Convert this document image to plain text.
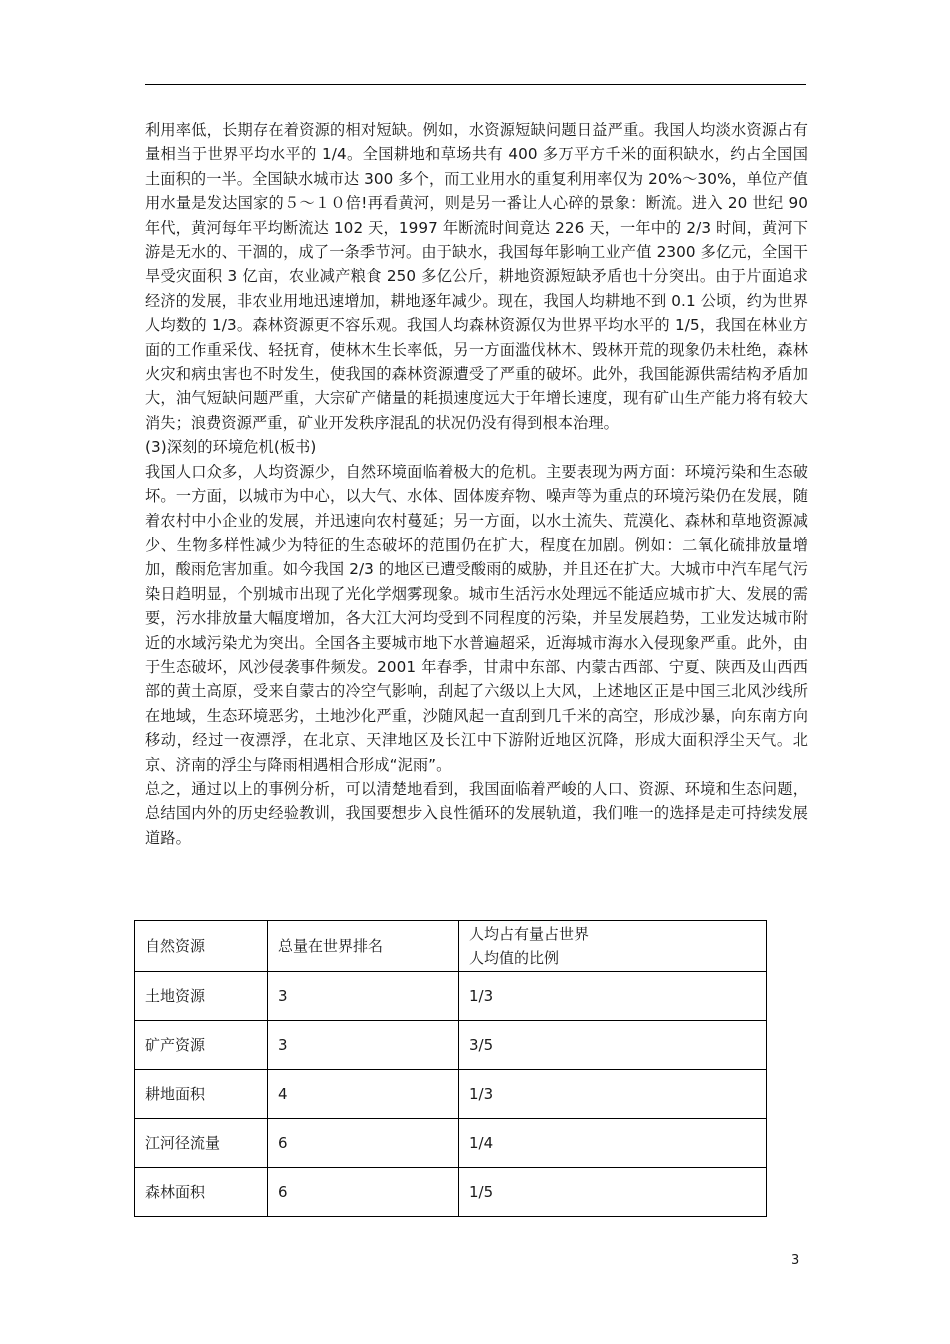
利用率低，长期存在着资源的相对短缺。例如，水资源短缺问题日益严重。我国人均淡水资源占有量相当于世界平均水平的 1/4。全国耕地和草场共有 400 多万平方千米的面积缺水，约占全国国土面积的一半。全国缺水城市达 300 多个，而工业用水的重复利用率仅为 20%～30%，单位产值用水量是发达国家的５～１０倍!再看黄河，则是另一番让人心碎的景象：断流。进入 20 世纪 90 年代，黄河每年平均断流达 102 天，1997 年断流时间竟达 226 天，一年中的 2/3 时间，黄河下游是无水的、干涸的，成了一条季节河。由于缺水，我国每年影响工业产值 2300 多亿元，全国干旱受灾面积 3 亿亩，农业减产粮食 250 多亿公斤，耕地资源短缺矛盾也十分突出。由于片面追求经济的发展，非农业用地迅速增加，耕地逐年减少。现在，我国人均耕地不到 0.1 公顷，约为世界人均数的 1/3。森林资源更不容乐观。我国人均森林资源仅为世界平均水平的 1/5，我国在林业方面的工作重采伐、轻抚育，使林木生长率低，另一方面滥伐林木、毁林开荒的现象仍未杜绝，森林火灾和病虫害也不时发生，使我国的森林资源遭受了严重的破坏。此外，我国能源供需结构矛盾加大，油气短缺问题严重，大宗矿产储量的耗损速度远大于年增长速度，现有矿山生产能力将有较大消失；浪费资源严重，矿业开发秩序混乱的状况仍没有得到根本治理。

(3)深刻的环境危机(板书)

我国人口众多，人均资源少，自然环境面临着极大的危机。主要表现为两方面：环境污染和生态破坏。一方面，以城市为中心，以大气、水体、固体废弃物、噪声等为重点的环境污染仍在发展，随着农村中小企业的发展，并迅速向农村蔓延；另一方面，以水土流失、荒漠化、森林和草地资源减少、生物多样性减少为特征的生态破坏的范围仍在扩大，程度在加剧。例如：二氧化硫排放量增加，酸雨危害加重。如今我国 2/3 的地区已遭受酸雨的威胁，并且还在扩大。大城市中汽车尾气污染日趋明显，个别城市出现了光化学烟雾现象。城市生活污水处理远不能适应城市扩大、发展的需要，污水排放量大幅度增加，各大江大河均受到不同程度的污染，并呈发展趋势，工业发达城市附近的水域污染尤为突出。全国各主要城市地下水普遍超采，近海城市海水入侵现象严重。此外，由于生态破坏，风沙侵袭事件频发。2001 年春季，甘肃中东部、内蒙古西部、宁夏、陕西及山西西部的黄土高原，受来自蒙古的冷空气影响，刮起了六级以上大风，上述地区正是中国三北风沙线所在地域，生态环境恶劣，土地沙化严重，沙随风起一直刮到几千米的高空，形成沙暴，向东南方向移动，经过一夜漂浮，在北京、天津地区及长江中下游附近地区沉降，形成大面积浮尘天气。北京、济南的浮尘与降雨相遇相合形成“泥雨”。

总之，通过以上的事例分析，可以清楚地看到，我国面临着严峻的人口、资源、环境和生态问题，总结国内外的历史经验教训，我国要想步入良性循环的发展轨道，我们唯一的选择是走可持续发展道路。

自然资源	总量在世界排名	人均占有量占世界
人均值的比例

土地资源	3	1/3
矿产资源	3	3/5
耕地面积	4	1/3
江河径流量	6	1/4
森林面积	6	1/5
3
